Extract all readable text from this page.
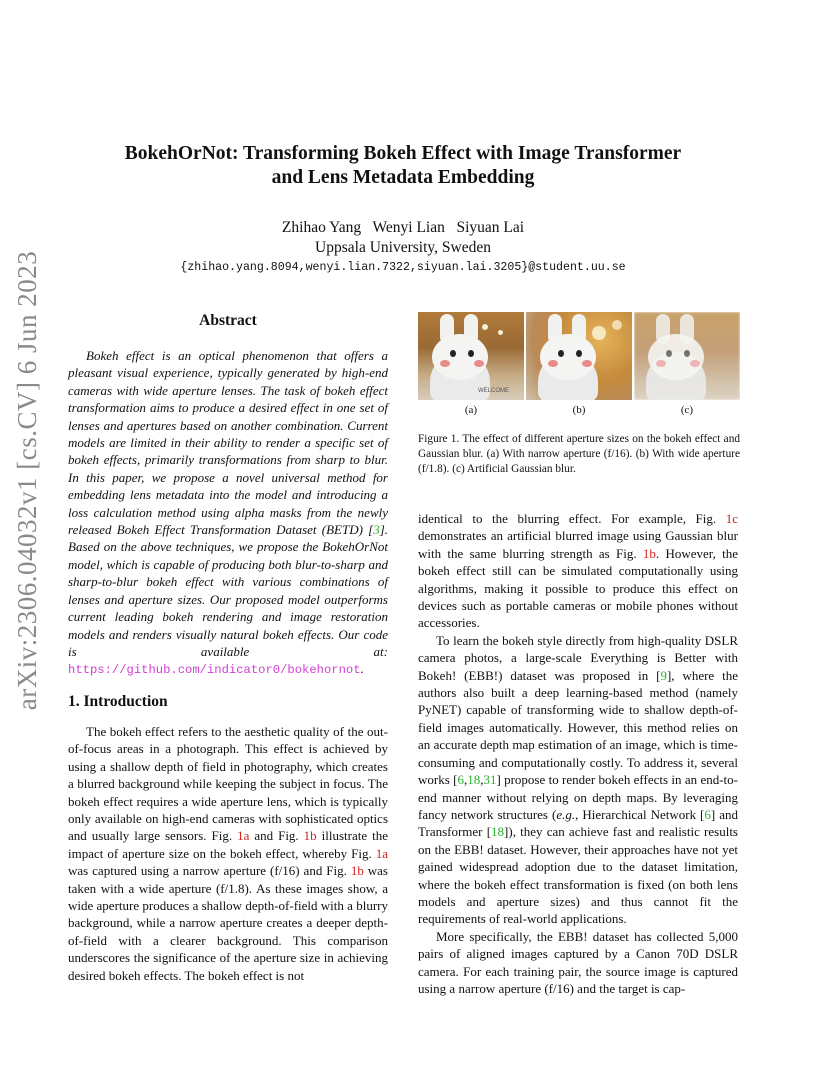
arXiv:2306.04032v1 [cs.CV] 6 Jun 2023
BokehOrNot: Transforming Bokeh Effect with Image Transformer
and Lens Metadata Embedding
Zhihao Yang   Wenyi Lian   Siyuan Lai
Uppsala University, Sweden
{zhihao.yang.8094,wenyi.lian.7322,siyuan.lai.3205}@student.uu.se
Abstract

Bokeh effect is an optical phenomenon that offers a pleasant visual experience, typically generated by high-end cameras with wide aperture lenses. The task of bokeh effect transformation aims to produce a desired effect in one set of lenses and apertures based on another combination. Current models are limited in their ability to render a specific set of bokeh effects, primarily transformations from sharp to blur. In this paper, we propose a novel universal method for embedding lens metadata into the model and introducing a loss calculation method using alpha masks from the newly released Bokeh Effect Transformation Dataset (BETD) [3]. Based on the above techniques, we propose the BokehOrNot model, which is capable of producing both blur-to-sharp and sharp-to-blur bokeh effect with various combinations of lenses and aperture sizes. Our proposed model outperforms current leading bokeh rendering and image restoration models and renders visually natural bokeh effects. Our code is available at: https://github.com/indicator0/bokehornot.

WELCOME
(a)	(b)	(c)
Figure 1. The effect of different aperture sizes on the bokeh effect and Gaussian blur. (a) With narrow aperture (f/16). (b) With wide aperture (f/1.8). (c) Artificial Gaussian blur.
1. Introduction

The bokeh effect refers to the aesthetic quality of the out-of-focus areas in a photograph. This effect is achieved by using a shallow depth of field in photography, which creates a blurred background while keeping the subject in focus. The bokeh effect requires a wide aperture lens, which is typically only available on high-end cameras with sophisticated optics and usually large sensors. Fig. 1a and Fig. 1b illustrate the impact of aperture size on the bokeh effect, whereby Fig. 1a was captured using a narrow aperture (f/16) and Fig. 1b was taken with a wide aperture (f/1.8). As these images show, a wide aperture produces a shallow depth-of-field with a blurry background, while a narrow aperture creates a deeper depth-of-field with a clearer background. This comparison underscores the significance of the aperture size in achieving desired bokeh effects. The bokeh effect is not

identical to the blurring effect. For example, Fig. 1c demonstrates an artificial blurred image using Gaussian blur with the same blurring strength as Fig. 1b. However, the bokeh effect still can be simulated computationally using algorithms, making it possible to produce this effect on devices such as portable cameras or mobile phones without accessories.

To learn the bokeh style directly from high-quality DSLR camera photos, a large-scale Everything is Better with Bokeh! (EBB!) dataset was proposed in [9], where the authors also built a deep learning-based method (namely PyNET) capable of transforming wide to shallow depth-of-field images automatically. However, this method relies on an accurate depth map estimation of an image, which is time-consuming and computationally costly. To address it, several works [6,18,31] propose to render bokeh effects in an end-to-end manner without relying on depth maps. By leveraging fancy network structures (e.g., Hierarchical Network [6] and Transformer [18]), they can achieve fast and realistic results on the EBB! dataset. However, their approaches have not yet gained widespread adoption due to the dataset limitation, where the bokeh effect transformation is fixed (on both lens models and aperture sizes) and thus cannot fit the requirements of real-world applications.

More specifically, the EBB! dataset has collected 5,000 pairs of aligned images captured by a Canon 70D DSLR camera. For each training pair, the source image is captured using a narrow aperture (f/16) and the target is cap-
